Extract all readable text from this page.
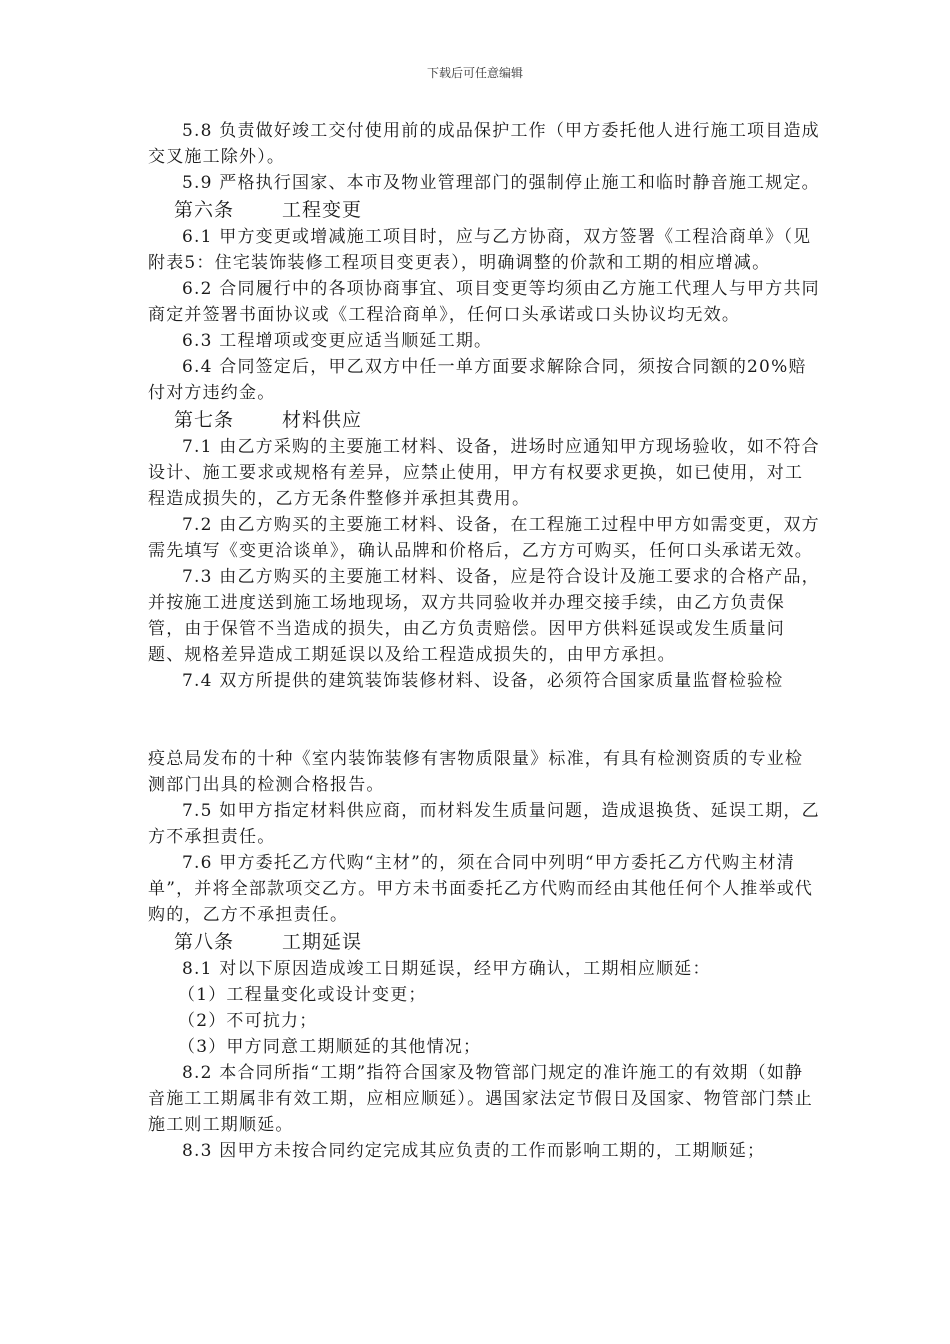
下载后可任意编辑

5.8 负责做好竣工交付使用前的成品保护工作（甲方委托他人进行施工项目造成交叉施工除外）。

5.9 严格执行国家、本市及物业管理部门的强制停止施工和临时静音施工规定。

第六条	工程变更

6.1 甲方变更或增减施工项目时，应与乙方协商，双方签署《工程洽商单》（见附表5：住宅装饰装修工程项目变更表），明确调整的价款和工期的相应增减。

6.2 合同履行中的各项协商事宜、项目变更等均须由乙方施工代理人与甲方共同商定并签署书面协议或《工程洽商单》，任何口头承诺或口头协议均无效。

6.3 工程增项或变更应适当顺延工期。

6.4 合同签定后，甲乙双方中任一单方面要求解除合同，须按合同额的20%赔付对方违约金。

第七条	材料供应

7.1 由乙方采购的主要施工材料、设备，进场时应通知甲方现场验收，如不符合设计、施工要求或规格有差异，应禁止使用，甲方有权要求更换，如已使用，对工程造成损失的，乙方无条件整修并承担其费用。

7.2 由乙方购买的主要施工材料、设备，在工程施工过程中甲方如需变更，双方需先填写《变更洽谈单》，确认品牌和价格后，乙方方可购买，任何口头承诺无效。

7.3 由乙方购买的主要施工材料、设备，应是符合设计及施工要求的合格产品，并按施工进度送到施工场地现场，双方共同验收并办理交接手续，由乙方负责保管，由于保管不当造成的损失，由乙方负责赔偿。因甲方供料延误或发生质量问题、规格差异造成工期延误以及给工程造成损失的，由甲方承担。

7.4 双方所提供的建筑装饰装修材料、设备，必须符合国家质量监督检验检

疫总局发布的十种《室内装饰装修有害物质限量》标准，有具有检测资质的专业检测部门出具的检测合格报告。

7.5 如甲方指定材料供应商，而材料发生质量问题，造成退换货、延误工期，乙方不承担责任。

7.6 甲方委托乙方代购“主材”的，须在合同中列明“甲方委托乙方代购主材清单”，并将全部款项交乙方。甲方未书面委托乙方代购而经由其他任何个人推举或代购的，乙方不承担责任。

第八条	工期延误

8.1 对以下原因造成竣工日期延误，经甲方确认，工期相应顺延：

（1）工程量变化或设计变更；

（2）不可抗力；

（3）甲方同意工期顺延的其他情况；

8.2 本合同所指“工期”指符合国家及物管部门规定的准许施工的有效期（如静音施工工期属非有效工期，应相应顺延）。遇国家法定节假日及国家、物管部门禁止施工则工期顺延。

8.3 因甲方未按合同约定完成其应负责的工作而影响工期的，工期顺延；
